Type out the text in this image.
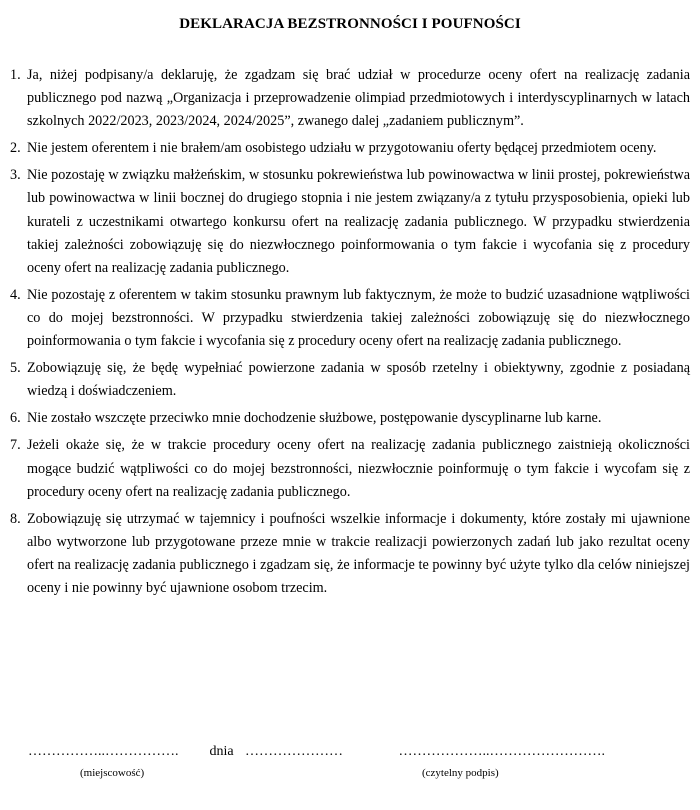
DEKLARACJA BEZSTRONNOŚCI I POUFNOŚCI
1. Ja, niżej podpisany/a deklaruję, że zgadzam się brać udział w procedurze oceny ofert na realizację zadania publicznego pod nazwą „Organizacja i przeprowadzenie olimpiad przedmiotowych i interdyscyplinarnych w latach szkolnych 2022/2023, 2023/2024, 2024/2025”, zwanego dalej „zadaniem publicznym”.
2. Nie jestem oferentem i nie brałem/am osobistego udziału w przygotowaniu oferty będącej przedmiotem oceny.
3. Nie pozostaję w związku małżeńskim, w stosunku pokrewieństwa lub powinowactwa w linii prostej, pokrewieństwa lub powinowactwa w linii bocznej do drugiego stopnia i nie jestem związany/a z tytułu przysposobienia, opieki lub kurateli z uczestnikami otwartego konkursu ofert na realizację zadania publicznego. W przypadku stwierdzenia takiej zależności zobowiązuję się do niezwłocznego poinformowania o tym fakcie i wycofania się z procedury oceny ofert na realizację zadania publicznego.
4. Nie pozostaję z oferentem w takim stosunku prawnym lub faktycznym, że może to budzić uzasadnione wątpliwości co do mojej bezstronności. W przypadku stwierdzenia takiej zależności zobowiązuję się do niezwłocznego poinformowania o tym fakcie i wycofania się z procedury oceny ofert na realizację zadania publicznego.
5. Zobowiązuję się, że będę wypełniać powierzone zadania w sposób rzetelny i obiektywny, zgodnie z posiadaną wiedzą i doświadczeniem.
6. Nie zostało wszczęte przeciwko mnie dochodzenie służbowe, postępowanie dyscyplinarne lub karne.
7. Jeżeli okaże się, że w trakcie procedury oceny ofert na realizację zadania publicznego zaistnieją okoliczności mogące budzić wątpliwości co do mojej bezstronności, niezwłocznie poinformuję o tym fakcie i wycofam się z procedury oceny ofert na realizację zadania publicznego.
8. Zobowiązuję się utrzymać w tajemnicy i poufności wszelkie informacje i dokumenty, które zostały mi ujawnione albo wytworzone lub przygotowane przeze mnie w trakcie realizacji powierzonych zadań lub jako rezultat oceny ofert na realizację zadania publicznego i zgadzam się, że informacje te powinny być użyte tylko dla celów niniejszej oceny i nie powinny być ujawnione osobom trzecim.
……………..……………. dnia …………………	………………..…………………….
(miejscowość)	(czytelny podpis)
